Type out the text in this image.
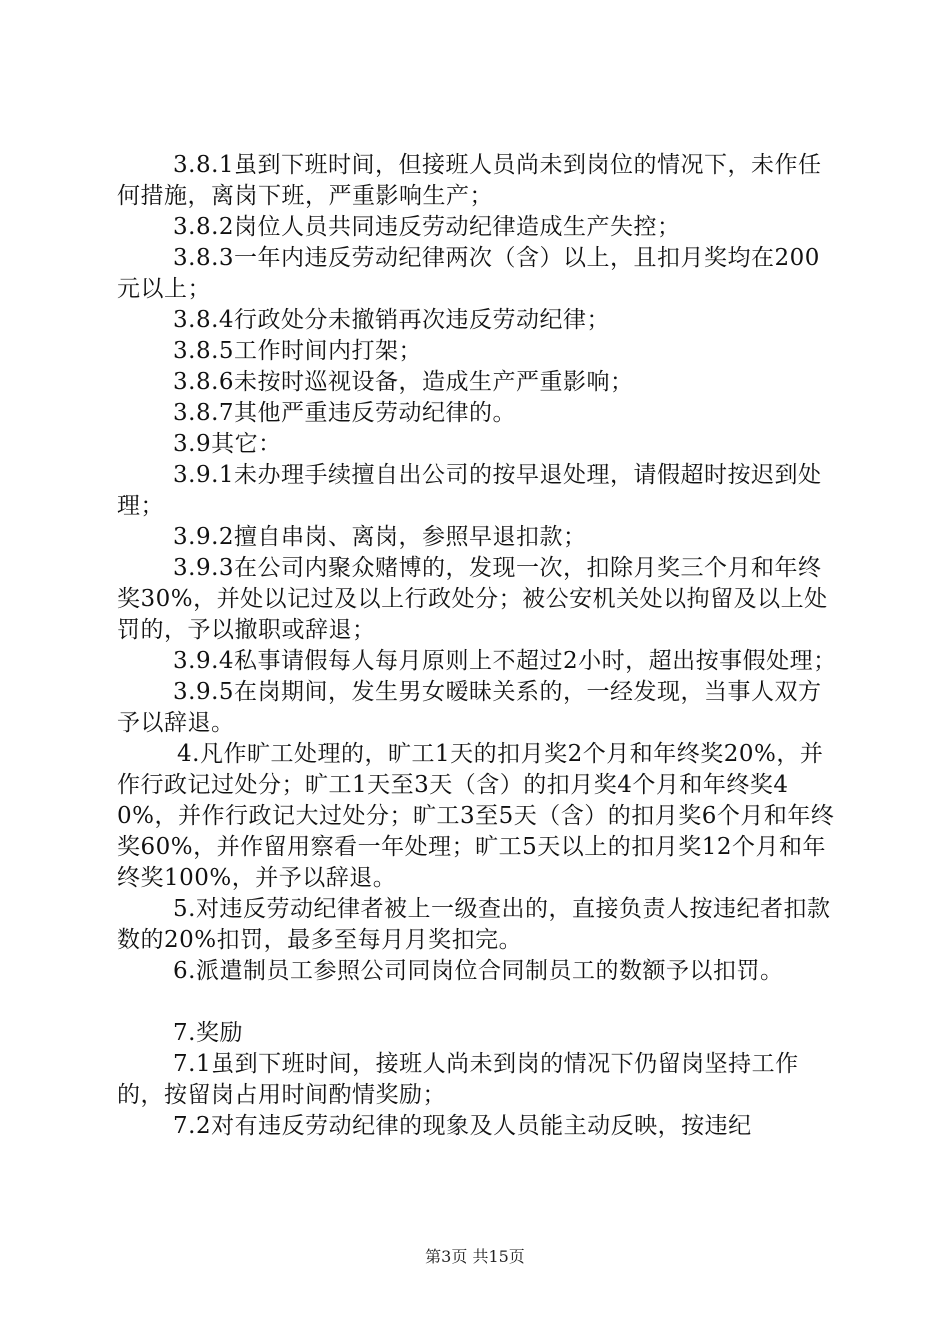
3.8.1虽到下班时间，但接班人员尚未到岗位的情况下，未作任何措施，离岗下班，严重影响生产；

3.8.2岗位人员共同违反劳动纪律造成生产失控；

3.8.3一年内违反劳动纪律两次（含）以上，且扣月奖均在200元以上；

3.8.4行政处分未撤销再次违反劳动纪律；

3.8.5工作时间内打架；

3.8.6未按时巡视设备，造成生产严重影响；

3.8.7其他严重违反劳动纪律的。

3.9其它：

3.9.1未办理手续擅自出公司的按早退处理，请假超时按迟到处理；

3.9.2擅自串岗、离岗，参照早退扣款；

3.9.3在公司内聚众赌博的，发现一次，扣除月奖三个月和年终奖30%，并处以记过及以上行政处分；被公安机关处以拘留及以上处罚的，予以撤职或辞退；

3.9.4私事请假每人每月原则上不超过2小时，超出按事假处理；

3.9.5在岗期间，发生男女暧昧关系的，一经发现，当事人双方予以辞退。

4.凡作旷工处理的，旷工1天的扣月奖2个月和年终奖20%，并作行政记过处分；旷工1天至3天（含）的扣月奖4个月和年终奖40%，并作行政记大过处分；旷工3至5天（含）的扣月奖6个月和年终奖60%，并作留用察看一年处理；旷工5天以上的扣月奖12个月和年终奖100%，并予以辞退。

5.对违反劳动纪律者被上一级查出的，直接负责人按违纪者扣款数的20%扣罚，最多至每月月奖扣完。

6.派遣制员工参照公司同岗位合同制员工的数额予以扣罚。

7.奖励

7.1虽到下班时间，接班人尚未到岗的情况下仍留岗坚持工作的，按留岗占用时间酌情奖励；

7.2对有违反劳动纪律的现象及人员能主动反映，按违纪

第3页 共15页
